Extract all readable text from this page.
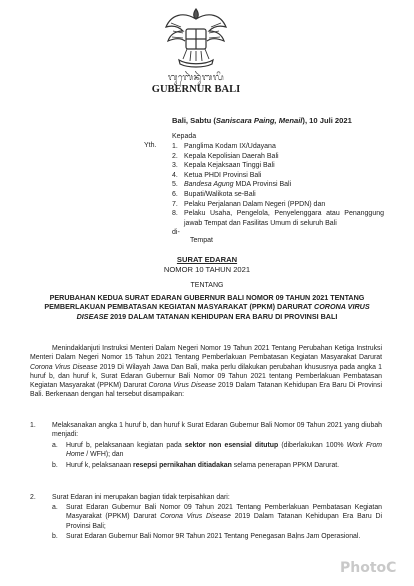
ᬕᬸᬩᬾᬃᬦᬸᬃᬩᬮᬶ
GUBERNUR BALI
Bali, Sabtu (Saniscara Paing, Menail), 10 Juli 2021
Kepada
Yth. 1. Panglima Kodam IX/Udayana
2. Kepala Kepolisian Daerah Bali
3. Kepala Kejaksaan Tinggi Bali
4. Ketua PHDI Provinsi Bali
5. Bandesa Agung MDA Provinsi Bali
6. Bupati/Walikota se-Bali
7. Pelaku Perjalanan Dalam Negeri (PPDN) dan
8. Pelaku Usaha, Pengelola, Penyelenggara atau Penanggung jawab Tempat dan Fasilitas Umum di seluruh Bali
di-
Tempat
SURAT EDARAN
NOMOR 10 TAHUN 2021
TENTANG
PERUBAHAN KEDUA SURAT EDARAN GUBERNUR BALI NOMOR 09 TAHUN 2021 TENTANG PEMBERLAKUAN PEMBATASAN KEGIATAN MASYARAKAT (PPKM) DARURAT CORONA VIRUS DISEASE 2019 DALAM TATANAN KEHIDUPAN ERA BARU DI PROVINSI BALI

Menindaklanjuti Instruksi Menteri Dalam Negeri Nomor 19 Tahun 2021 Tentang Perubahan Ketiga Instruksi Menteri Dalam Negeri Nomor 15 Tahun 2021 Tentang Pemberlakuan Pembatasan Kegiatan Masyarakat Darurat Corona Virus Disease 2019 Di Wilayah Jawa Dan Bali, maka perlu dilakukan perubahan khususnya pada angka 1 huruf b, dan huruf k, Surat Edaran Gubernur Bali Nomor 09 Tahun 2021 tentang Pemberlakuan Pembatasan Kegiatan Masyarakat (PPKM) Darurat Corona Virus Disease 2019 Dalam Tatanan Kehidupan Era Baru Di Provinsi Bali. Berkenaan dengan hal tersebut disampaikan:

1. Melaksanakan angka 1 huruf b, dan huruf k Surat Edaran Gubernur Bali Nomor 09 Tahun 2021 yang diubah menjadi:
a. Huruf b, pelaksanaan kegiatan pada sektor non esensial ditutup (diberlakukan 100% Work From Home / WFH); dan
b. Huruf k, pelaksanaan resepsi pernikahan ditiadakan selama penerapan PPKM Darurat.
2. Surat Edaran ini merupakan bagian tidak terpisahkan dari:
a. Surat Edaran Gubernur Bali Nomor 09 Tahun 2021 Tentang Pemberlakuan Pembatasan Kegiatan Masyarakat (PPKM) Darurat Corona Virus Disease 2019 Dalam Tatanan Kehidupan Era Baru Di Provinsi Bali;
b. Surat Edaran Gubernur Bali Nomor 9R Tahun 2021 Tentang Penegasan Baḷns Jam Operasional.
PhotoC
